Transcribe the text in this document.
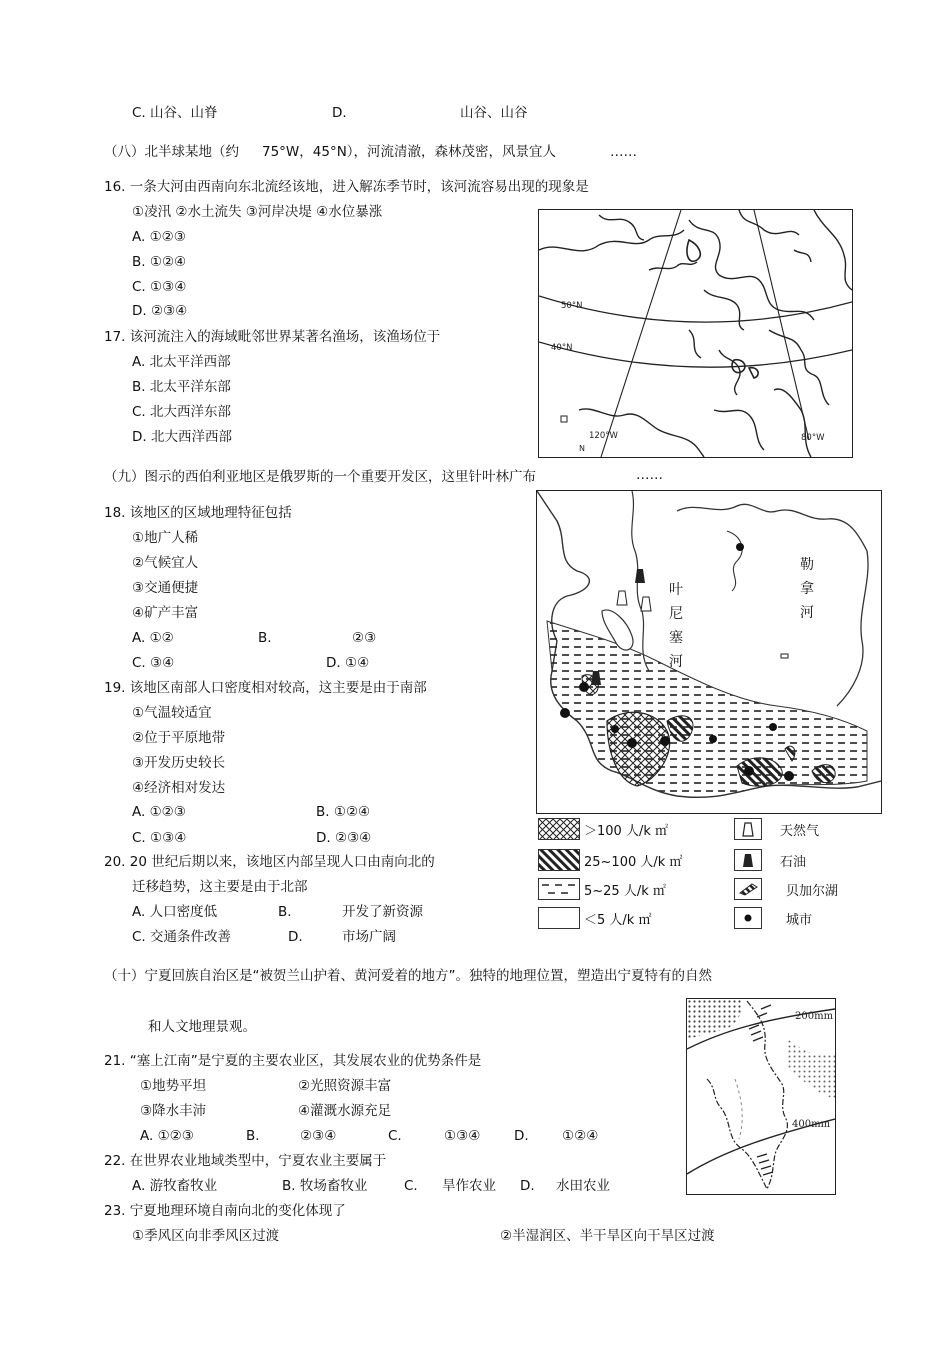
C. 山谷、山脊	D.	山谷、山谷
（八）北半球某地（约 75°W，45°N），河流清澈，森林茂密，风景宜人	……
16. 一条大河由西南向东北流经该地，进入解冻季节时，该河流容易出现的现象是
①凌汛 ②水土流失 ③河岸决堤 ④水位暴涨
A. ①②③
B. ①②④
C. ①③④
D. ②③④
17. 该河流注入的海域毗邻世界某著名渔场，该渔场位于
A. 北太平洋西部
B. 北太平洋东部
C. 北大西洋东部
D. 北大西洋西部
50°N
40°N
120°W	80°W
N
（九）图示的西伯利亚地区是俄罗斯的一个重要开发区，这里针叶林广布	……
18. 该地区的区域地理特征包括
①地广人稀
②气候宜人
③交通便捷
④矿产丰富
A. ①②	B.	②③
C. ③④	D. ①④
19. 该地区南部人口密度相对较高，这主要是由于南部
①气温较适宜
②位于平原地带
③开发历史较长
④经济相对发达
A. ①②③	B. ①②④
C. ①③④	D. ②③④
20. 20 世纪后期以来，该地区内部呈现人口由南向北的
迁移趋势，这主要是由于北部
A. 人口密度低	B.	开发了新资源
C. 交通条件改善	D.	市场广阔
叶
尼
塞
河
勒
拿
河
＞100 人/k ㎡
25~100 人/k ㎡
5~25 人/k ㎡
＜5 人/k ㎡
天然气
石油
贝加尔湖
城市
（十）宁夏回族自治区是“被贺兰山护着、黄河爱着的地方”。独特的地理位置，塑造出宁夏特有的自然
和人文地理景观。
200mm
400mm
21. “塞上江南”是宁夏的主要农业区，其发展农业的优势条件是
①地势平坦	②光照资源丰富
③降水丰沛	④灌溉水源充足
A. ①②③	B.	②③④	C.	①③④ D. ①②④
22. 在世界农业地域类型中，宁夏农业主要属于
A. 游牧畜牧业	B. 牧场畜牧业	C. 旱作农业 D. 水田农业
23. 宁夏地理环境自南向北的变化体现了
①季风区向非季风区过渡	②半湿润区、半干旱区向干旱区过渡
